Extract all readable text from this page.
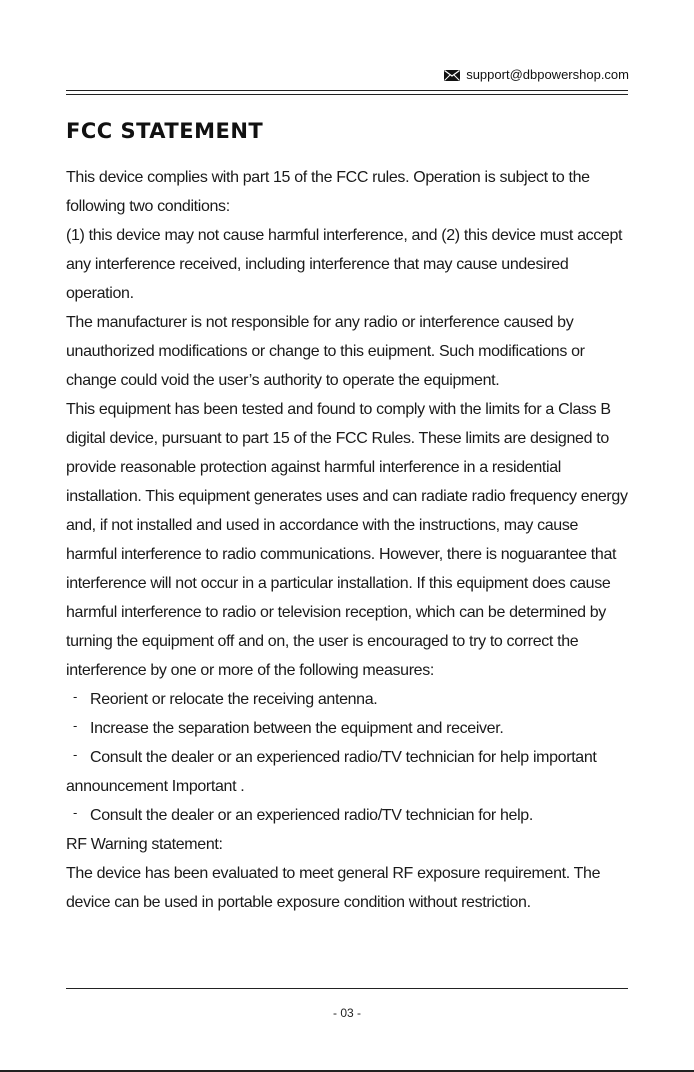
support@dbpowershop.com
FCC STATEMENT

This device complies with part 15 of the FCC rules. Operation is subject to the following two conditions:

(1) this device may not cause harmful interference, and (2) this device must accept any interference received, including interference that may cause undesired operation.

The manufacturer is not responsible for any radio or interference caused by unauthorized modifications or change to this euipment. Such modifications or change could void the user’s authority to operate the equipment.

This equipment has been tested and found to comply with the limits for a Class B digital device, pursuant to part 15 of the FCC Rules. These limits are designed to provide reasonable protection against harmful interference in a residential installation. This equipment generates uses and can radiate radio frequency energy and, if not installed and used in accordance with the instructions, may cause harmful interference to radio communications. However, there is noguarantee that interference will not occur in a particular installation. If this equipment does cause harmful interference to radio or television reception, which can be determined by turning the equipment off and on, the user is encouraged to try to correct the interference by one or more of the following measures:

- Reorient or relocate the receiving antenna.

- Increase the separation between the equipment and receiver.

- Consult the dealer or an experienced radio/TV technician for help important

announcement Important .

- Consult the dealer or an experienced radio/TV technician for help.

RF Warning statement:

The device has been evaluated to meet general RF exposure requirement. The device can be used in portable exposure condition without restriction.

- 03 -
